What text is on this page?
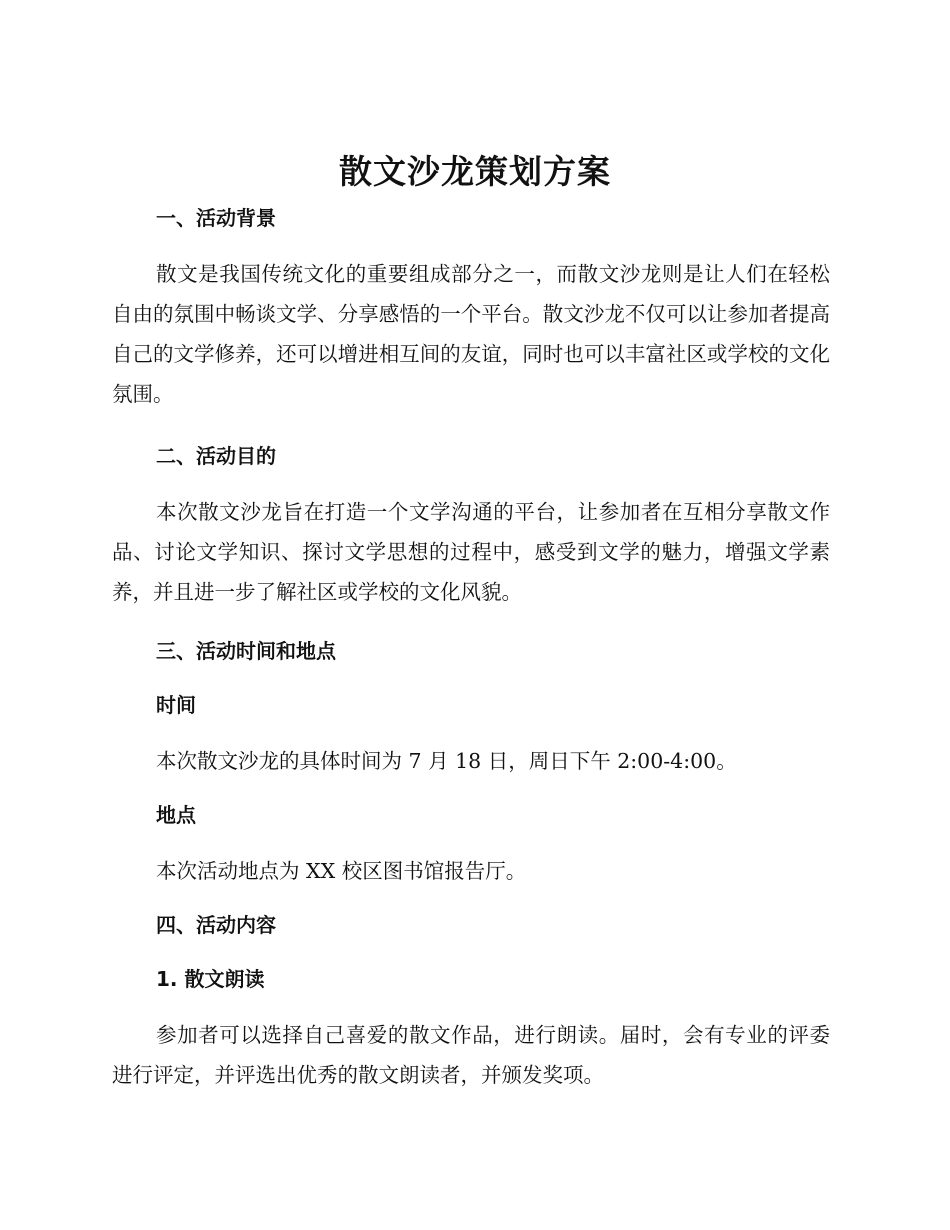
散文沙龙策划方案
一、活动背景

散文是我国传统文化的重要组成部分之一，而散文沙龙则是让人们在轻松自由的氛围中畅谈文学、分享感悟的一个平台。散文沙龙不仅可以让参加者提高自己的文学修养，还可以增进相互间的友谊，同时也可以丰富社区或学校的文化氛围。

二、活动目的

本次散文沙龙旨在打造一个文学沟通的平台，让参加者在互相分享散文作品、讨论文学知识、探讨文学思想的过程中，感受到文学的魅力，增强文学素养，并且进一步了解社区或学校的文化风貌。

三、活动时间和地点
时间

本次散文沙龙的具体时间为 7 月 18 日，周日下午 2:00-4:00。

地点

本次活动地点为 XX 校区图书馆报告厅。

四、活动内容
1. 散文朗读

参加者可以选择自己喜爱的散文作品，进行朗读。届时，会有专业的评委进行评定，并评选出优秀的散文朗读者，并颁发奖项。
